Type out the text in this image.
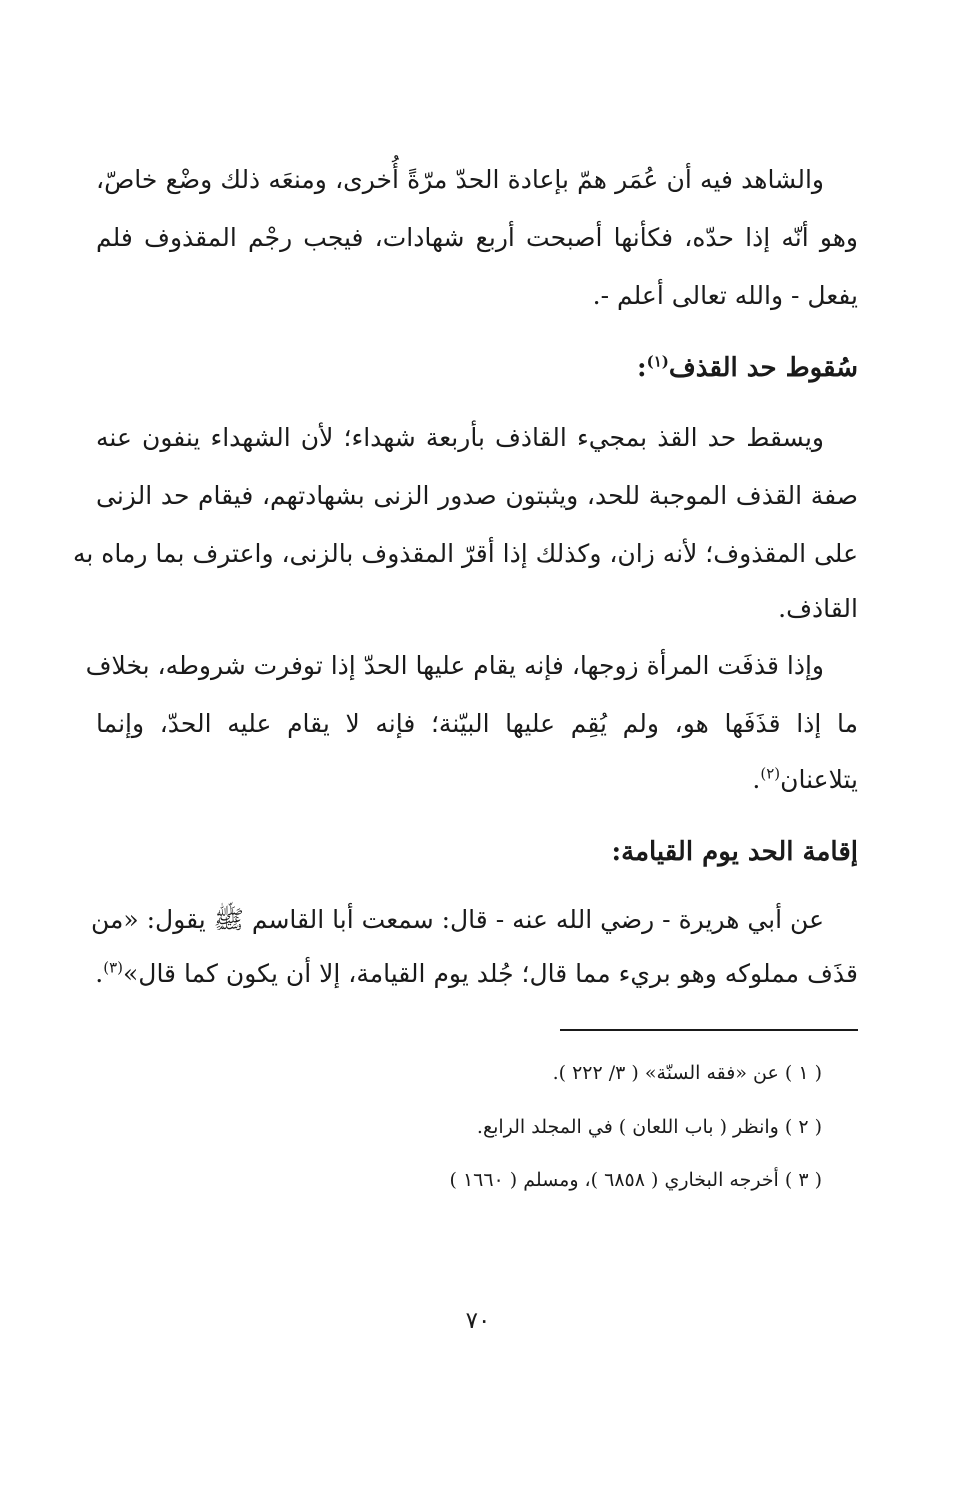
والشاهد فيه أن عُمَر همّ بإعادة الحدّ مرّةً أُخرى، ومنعَه ذلك وضْع خاصّ،
وهو أنّه إذا حدّه، فكأنها أصبحت أربع شهادات، فيجب رجْم المقذوف فلم
يفعل - والله تعالى أعلم -.
سُقوط حد القذف$^{(١)}$:
ويسقط حد القذ بمجيء القاذف بأربعة شهداء؛ لأن الشهداء ينفون عنه
صفة القذف الموجبة للحد، ويثبتون صدور الزنى بشهادتهم، فيقام حد الزنى
على المقذوف؛ لأنه زان، وكذلك إذا أقرّ المقذوف بالزنى، واعترف بما رماه به
القاذف.
وإذا قذفَت المرأة زوجها، فإنه يقام عليها الحدّ إذا توفرت شروطه، بخلاف
ما إذا قذَفَها هو، ولم يُقِم عليها البيّنة؛ فإنه لا يقام عليه الحدّ، وإنما
يتلاعنان$^{(٢)}$.
إقامة الحد يوم القيامة:
عن أبي هريرة - رضي الله عنه - قال: سمعت أبا القاسم ﷺ يقول: «من
قذَف مملوكه وهو بريء مما قال؛ جُلد يوم القيامة، إلا أن يكون كما قال»$^{(٣)}$.
( ١ ) عن «فقه السنّة» ( ٣/ ٢٢٢ ).
( ٢ ) وانظر ( باب اللعان ) في المجلد الرابع.
( ٣ ) أخرجه البخاري ( ٦٨٥٨ )، ومسلم ( ١٦٦٠ )
٧٠
